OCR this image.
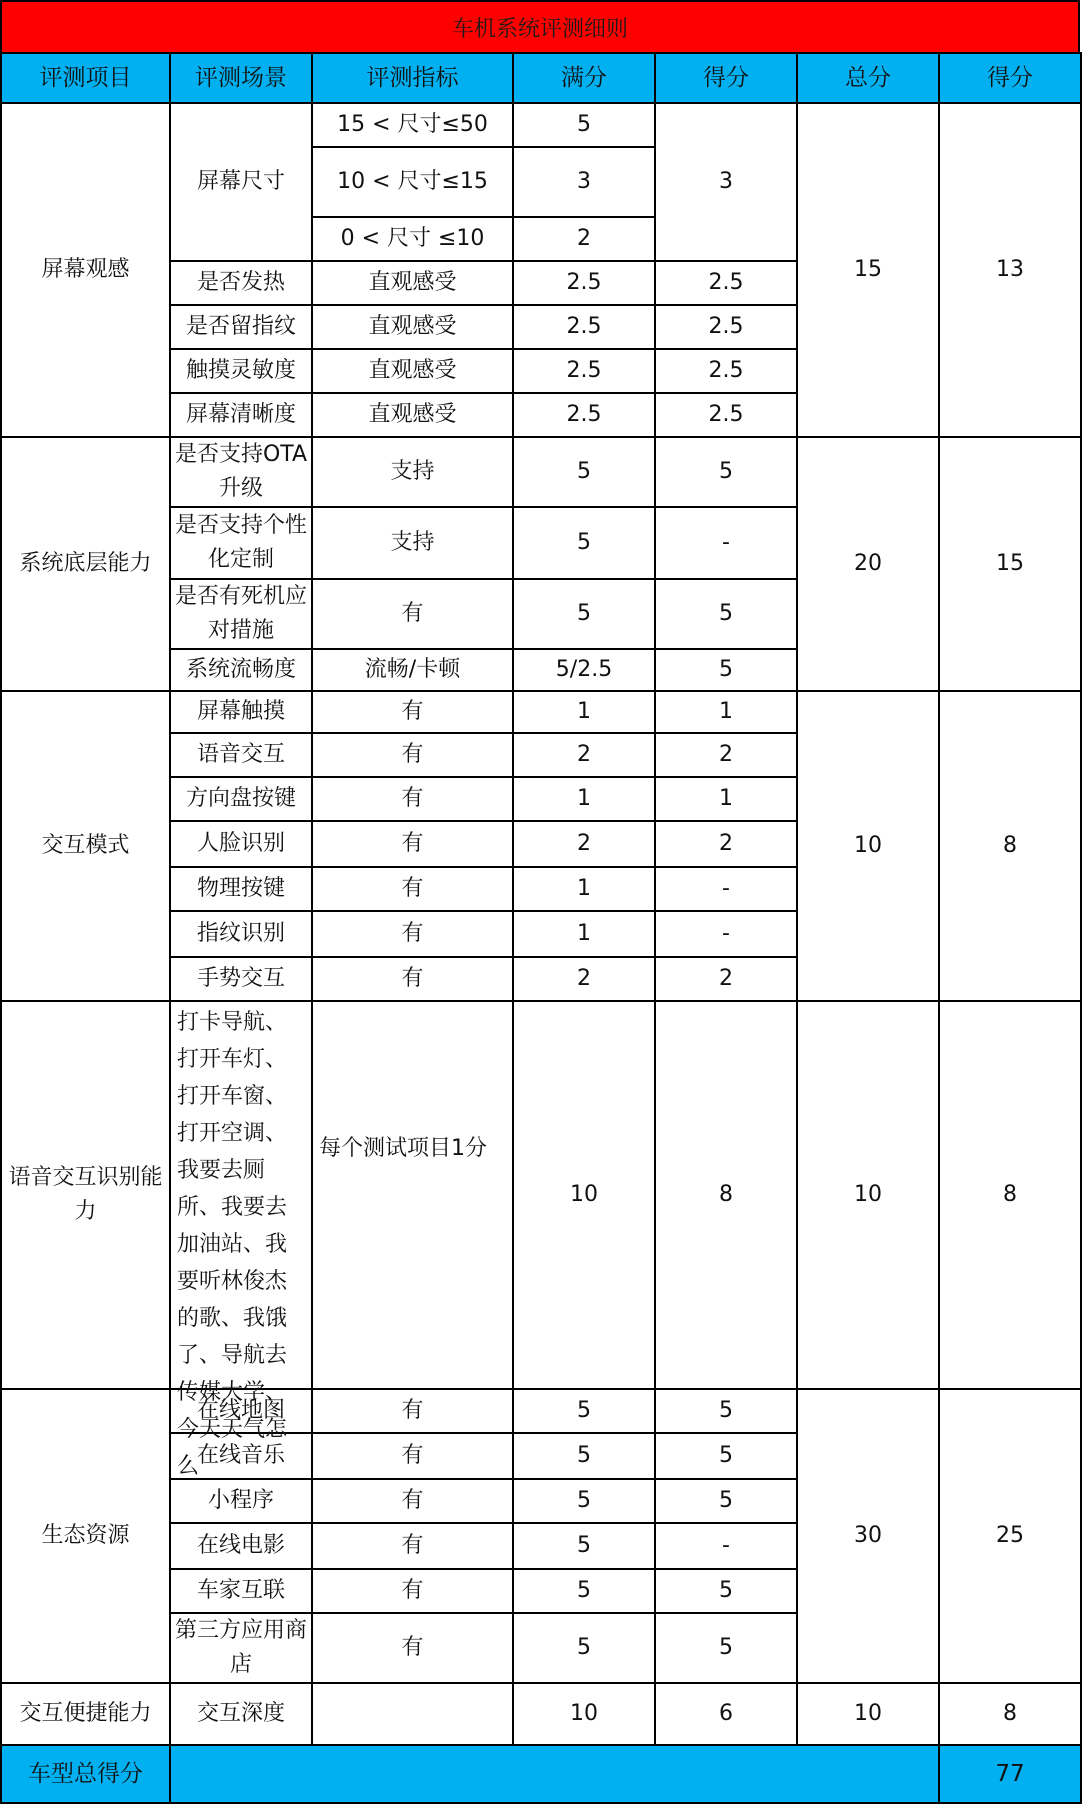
车机系统评测细则
评测项目	评测场景	评测指标	满分	得分	总分	得分
屏幕观感	屏幕尺寸	15 < 尺寸≤50	5	3	15	13
		10 < 尺寸≤15	3			
		0 < 尺寸 ≤10	2			
	是否发热	直观感受	2.5	2.5		
	是否留指纹	直观感受	2.5	2.5		
	触摸灵敏度	直观感受	2.5	2.5		
	屏幕清晰度	直观感受	2.5	2.5		
系统底层能力	是否支持OTA升级	支持	5	5	20	15
	是否支持个性化定制	支持	5	-		
	是否有死机应对措施	有	5	5		
	系统流畅度	流畅/卡顿	5/2.5	5		
交互模式	屏幕触摸	有	1	1	10	8
	语音交互	有	2	2		
	方向盘按键	有	1	1		
	人脸识别	有	2	2		
	物理按键	有	1	-		
	指纹识别	有	1	-		
	手势交互	有	2	2		
语音交互识别能力	打卡导航、打开车灯、打开车窗、打开空调、我要去厕所、我要去加油站、我要听林俊杰的歌、我饿了、导航去传媒大学、今天天气怎么	每个测试项目1分	10	8	10	8
生态资源	在线地图	有	5	5	30	25
	在线音乐	有	5	5		
	小程序	有	5	5		
	在线电影	有	5	-		
	车家互联	有	5	5		
	第三方应用商店	有	5	5		
交互便捷能力	交互深度		10	6	10	8
车型总得分						77
